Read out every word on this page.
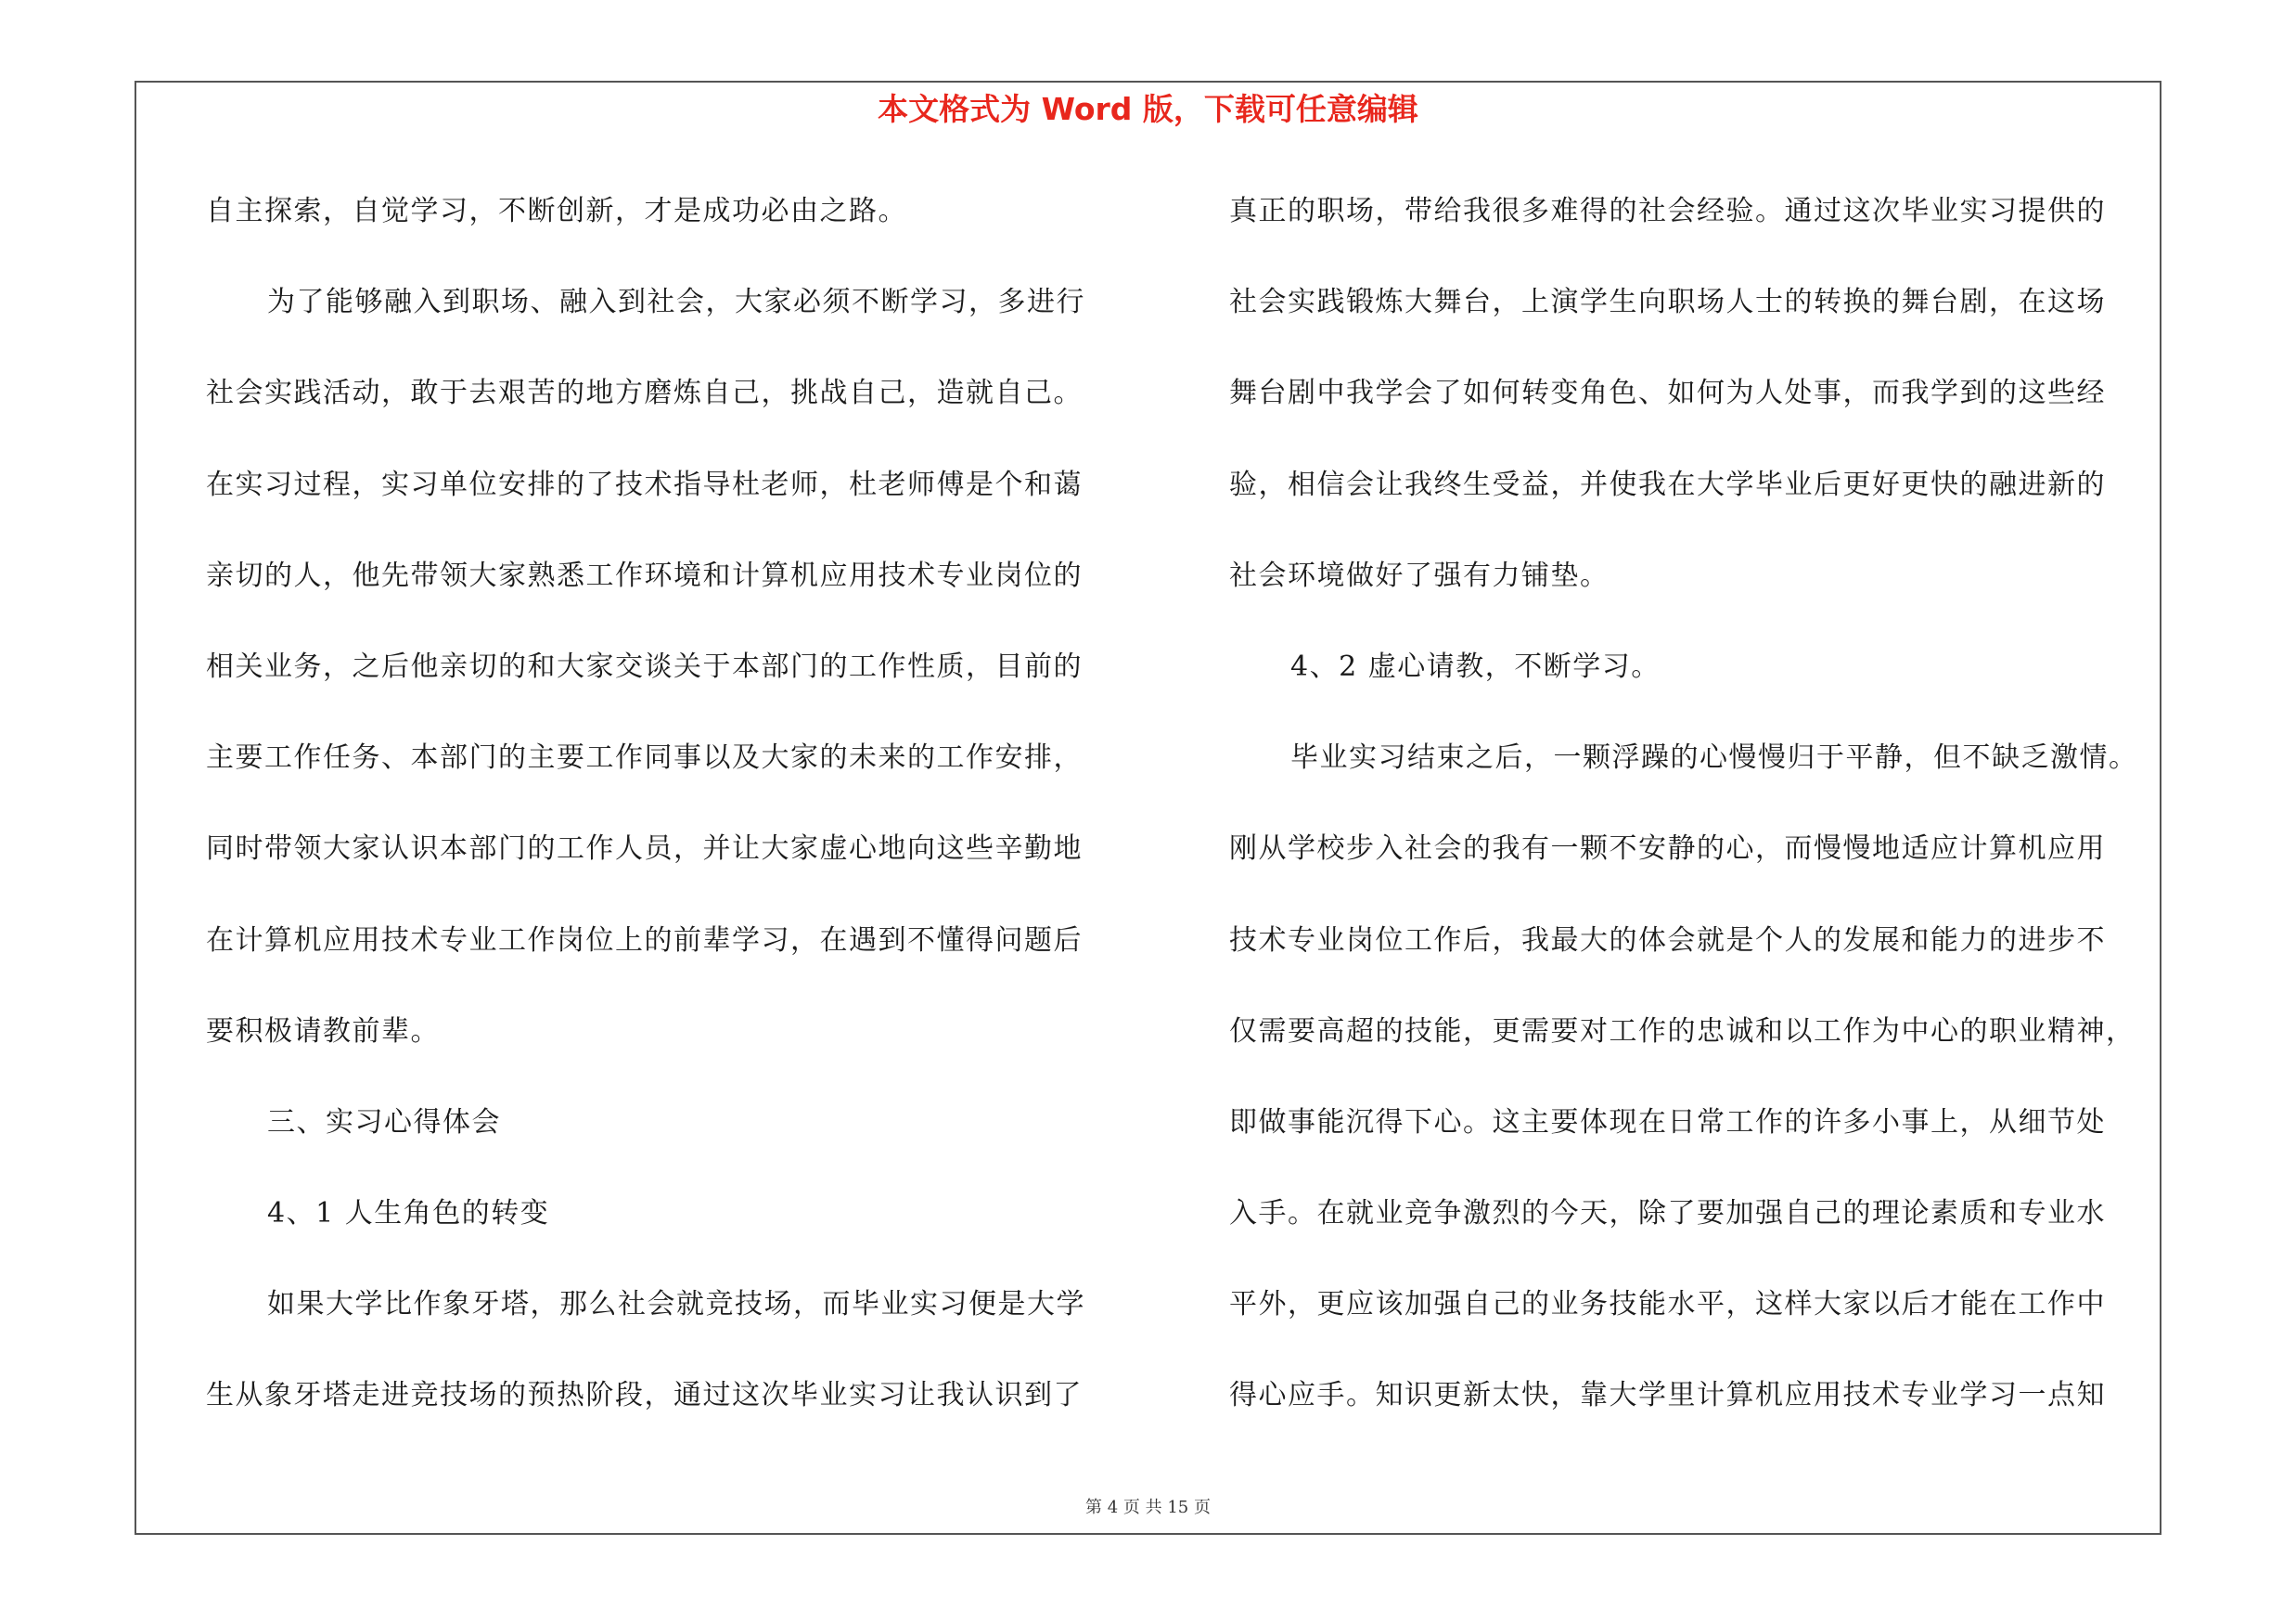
本文格式为 Word 版，下载可任意编辑
自主探索，自觉学习，不断创新，才是成功必由之路。
为了能够融入到职场、融入到社会，大家必须不断学习，多进行
社会实践活动，敢于去艰苦的地方磨炼自己，挑战自己，造就自己。
在实习过程，实习单位安排的了技术指导杜老师，杜老师傅是个和蔼
亲切的人，他先带领大家熟悉工作环境和计算机应用技术专业岗位的
相关业务，之后他亲切的和大家交谈关于本部门的工作性质，目前的
主要工作任务、本部门的主要工作同事以及大家的未来的工作安排，
同时带领大家认识本部门的工作人员，并让大家虚心地向这些辛勤地
在计算机应用技术专业工作岗位上的前辈学习，在遇到不懂得问题后
要积极请教前辈。
三、实习心得体会
4、1 人生角色的转变
如果大学比作象牙塔，那么社会就竞技场，而毕业实习便是大学
生从象牙塔走进竞技场的预热阶段，通过这次毕业实习让我认识到了
真正的职场，带给我很多难得的社会经验。通过这次毕业实习提供的
社会实践锻炼大舞台，上演学生向职场人士的转换的舞台剧，在这场
舞台剧中我学会了如何转变角色、如何为人处事，而我学到的这些经
验，相信会让我终生受益，并使我在大学毕业后更好更快的融进新的
社会环境做好了强有力铺垫。
4、2 虚心请教，不断学习。
毕业实习结束之后，一颗浮躁的心慢慢归于平静，但不缺乏激情。
刚从学校步入社会的我有一颗不安静的心，而慢慢地适应计算机应用
技术专业岗位工作后，我最大的体会就是个人的发展和能力的进步不
仅需要高超的技能，更需要对工作的忠诚和以工作为中心的职业精神，
即做事能沉得下心。这主要体现在日常工作的许多小事上，从细节处
入手。在就业竞争激烈的今天，除了要加强自己的理论素质和专业水
平外，更应该加强自己的业务技能水平，这样大家以后才能在工作中
得心应手。知识更新太快，靠大学里计算机应用技术专业学习一点知
第 4 页 共 15 页
